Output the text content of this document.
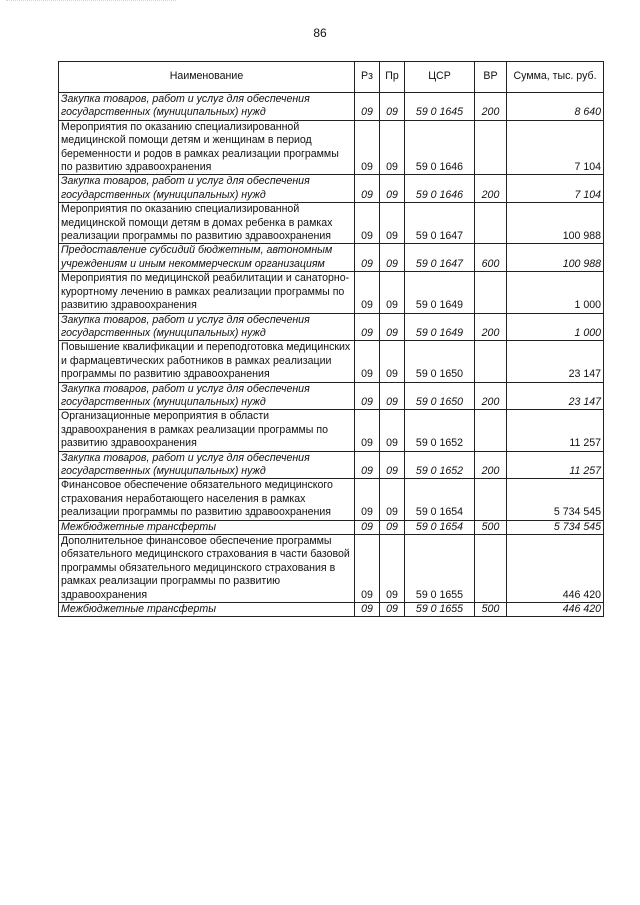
86
Наименование	Рз	Пр	ЦСР	ВР	Сумма, тыс. руб.
Закупка товаров, работ и услуг для обеспечения государственных (муниципальных) нужд	09	09	59 0 1645	200	8 640
Мероприятия по оказанию специализированной медицинской помощи детям и женщинам в период беременности и родов в рамках реализации программы по развитию здравоохранения	09	09	59 0 1646		7 104
Закупка товаров, работ и услуг для обеспечения государственных (муниципальных) нужд	09	09	59 0 1646	200	7 104
Мероприятия по оказанию специализированной медицинской помощи детям в домах ребенка в рамках реализации программы по развитию здравоохранения	09	09	59 0 1647		100 988
Предоставление субсидий бюджетным, автономным учреждениям и иным некоммерческим организациям	09	09	59 0 1647	600	100 988
Мероприятия по медицинской реабилитации и санаторно-курортному лечению в рамках реализации программы по развитию здравоохранения	09	09	59 0 1649		1 000
Закупка товаров, работ и услуг для обеспечения государственных (муниципальных) нужд	09	09	59 0 1649	200	1 000
Повышение квалификации и переподготовка медицинских и фармацевтических работников в рамках реализации программы по развитию здравоохранения	09	09	59 0 1650		23 147
Закупка товаров, работ и услуг для обеспечения государственных (муниципальных) нужд	09	09	59 0 1650	200	23 147
Организационные мероприятия в области здравоохранения в рамках реализации программы по развитию здравоохранения	09	09	59 0 1652		11 257
Закупка товаров, работ и услуг для обеспечения государственных (муниципальных) нужд	09	09	59 0 1652	200	11 257
Финансовое обеспечение обязательного медицинского страхования неработающего населения в рамках реализации программы по развитию здравоохранения	09	09	59 0 1654		5 734 545
Межбюджетные трансферты	09	09	59 0 1654	500	5 734 545
Дополнительное финансовое обеспечение программы обязательного медицинского страхования в части базовой программы обязательного медицинского страхования в рамках реализации программы по развитию здравоохранения	09	09	59 0 1655		446 420
Межбюджетные трансферты	09	09	59 0 1655	500	446 420
